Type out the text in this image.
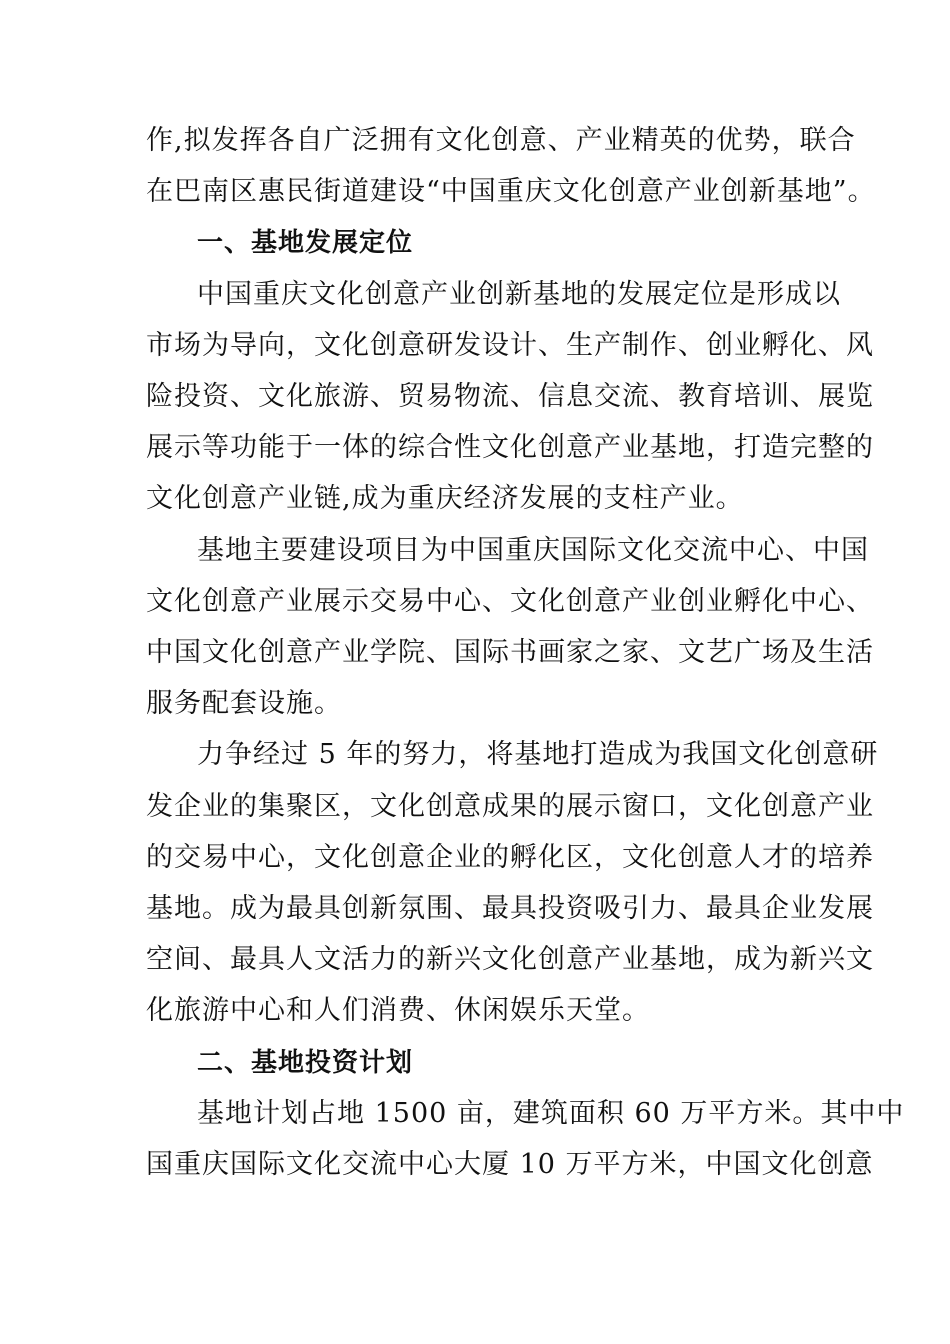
作,拟发挥各自广泛拥有文化创意、产业精英的优势，联合
在巴南区惠民街道建设“中国重庆文化创意产业创新基地”。
一、基地发展定位
中国重庆文化创意产业创新基地的发展定位是形成以
市场为导向，文化创意研发设计、生产制作、创业孵化、风
险投资、文化旅游、贸易物流、信息交流、教育培训、展览
展示等功能于一体的综合性文化创意产业基地，打造完整的
文化创意产业链,成为重庆经济发展的支柱产业。
基地主要建设项目为中国重庆国际文化交流中心、中国
文化创意产业展示交易中心、文化创意产业创业孵化中心、
中国文化创意产业学院、国际书画家之家、文艺广场及生活
服务配套设施。
力争经过 5 年的努力，将基地打造成为我国文化创意研
发企业的集聚区，文化创意成果的展示窗口，文化创意产业
的交易中心，文化创意企业的孵化区，文化创意人才的培养
基地。成为最具创新氛围、最具投资吸引力、最具企业发展
空间、最具人文活力的新兴文化创意产业基地，成为新兴文
化旅游中心和人们消费、休闲娱乐天堂。
二、基地投资计划
基地计划占地 1500 亩，建筑面积 60 万平方米。其中中
国重庆国际文化交流中心大厦 10 万平方米，中国文化创意
